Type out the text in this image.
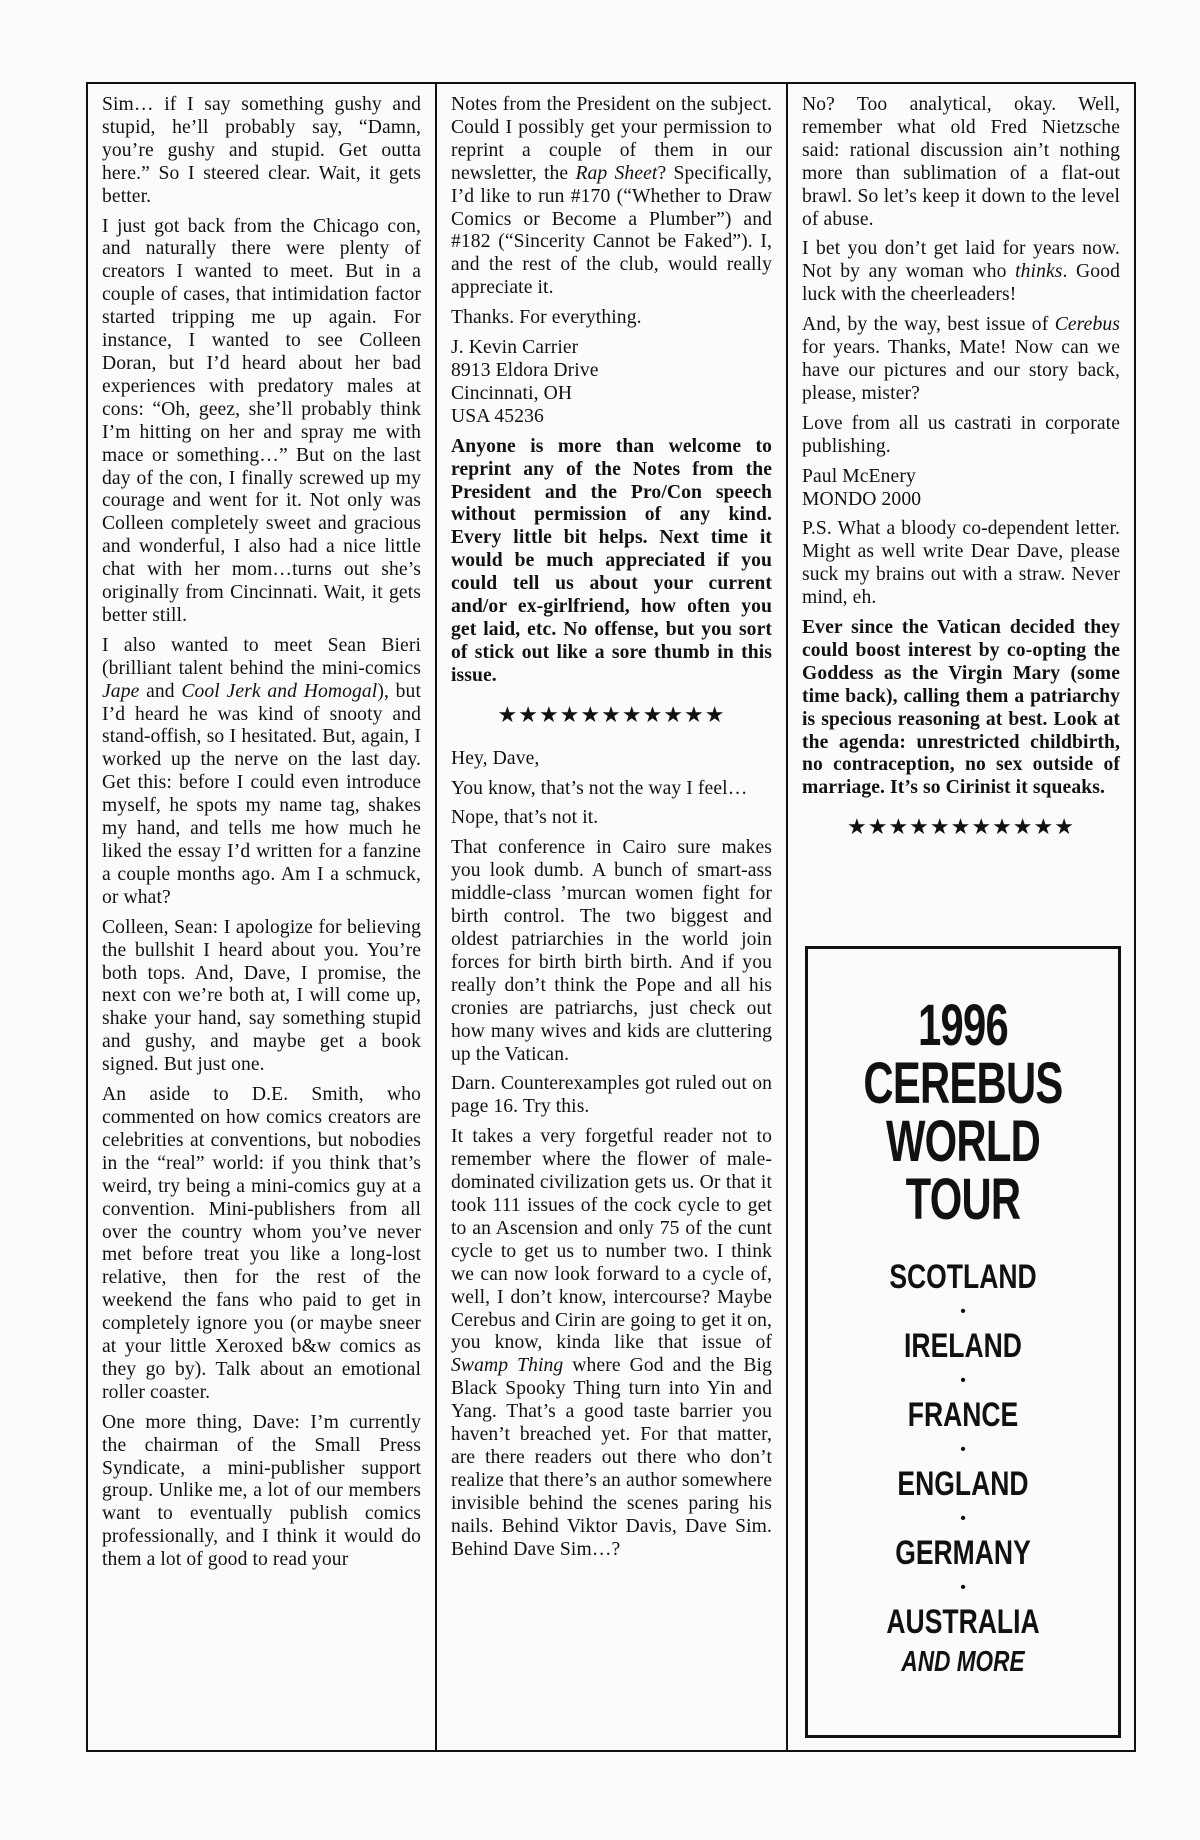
Sim… if I say something gushy and stupid, he’ll probably say, “Damn, you’re gushy and stupid. Get outta here.” So I steered clear. Wait, it gets better.
I just got back from the Chicago con, and naturally there were plenty of creators I wanted to meet. But in a couple of cases, that intimidation factor started tripping me up again. For instance, I wanted to see Colleen Doran, but I’d heard about her bad experiences with predatory males at cons: “Oh, geez, she’ll probably think I’m hitting on her and spray me with mace or something…” But on the last day of the con, I finally screwed up my courage and went for it. Not only was Colleen completely sweet and gracious and wonderful, I also had a nice little chat with her mom…turns out she’s originally from Cincinnati. Wait, it gets better still.
I also wanted to meet Sean Bieri (brilliant talent behind the mini-comics Jape and Cool Jerk and Homogal), but I’d heard he was kind of snooty and stand-offish, so I hesitated. But, again, I worked up the nerve on the last day. Get this: before I could even introduce myself, he spots my name tag, shakes my hand, and tells me how much he liked the essay I’d written for a fanzine a couple months ago. Am I a schmuck, or what?
Colleen, Sean: I apologize for believing the bullshit I heard about you. You’re both tops. And, Dave, I promise, the next con we’re both at, I will come up, shake your hand, say something stupid and gushy, and maybe get a book signed. But just one.
An aside to D.E. Smith, who commented on how comics creators are celebrities at conventions, but nobodies in the “real” world: if you think that’s weird, try being a mini-comics guy at a convention. Mini-publishers from all over the country whom you’ve never met before treat you like a long-lost relative, then for the rest of the weekend the fans who paid to get in completely ignore you (or maybe sneer at your little Xeroxed b&w comics as they go by). Talk about an emotional roller coaster.
One more thing, Dave: I’m currently the chairman of the Small Press Syndicate, a mini-publisher support group. Unlike me, a lot of our members want to eventually publish comics professionally, and I think it would do them a lot of good to read your
Notes from the President on the subject. Could I possibly get your permission to reprint a couple of them in our newsletter, the Rap Sheet? Specifically, I’d like to run #170 (“Whether to Draw Comics or Become a Plumber”) and #182 (“Sincerity Cannot be Faked”). I, and the rest of the club, would really appreciate it.
Thanks. For everything.
J. Kevin Carrier
8913 Eldora Drive
Cincinnati, OH
USA 45236
Anyone is more than welcome to reprint any of the Notes from the President and the Pro/Con speech without permission of any kind. Every little bit helps. Next time it would be much appreciated if you could tell us about your current and/or ex-girlfriend, how often you get laid, etc. No offense, but you sort of stick out like a sore thumb in this issue.
★★★★★★★★★★★
Hey, Dave,
You know, that’s not the way I feel…
Nope, that’s not it.
That conference in Cairo sure makes you look dumb. A bunch of smart-ass middle-class ’murcan women fight for birth control. The two biggest and oldest patriarchies in the world join forces for birth birth birth. And if you really don’t think the Pope and all his cronies are patriarchs, just check out how many wives and kids are cluttering up the Vatican.
Darn. Counterexamples got ruled out on page 16. Try this.
It takes a very forgetful reader not to remember where the flower of male-dominated civilization gets us. Or that it took 111 issues of the cock cycle to get to an Ascension and only 75 of the cunt cycle to get us to number two. I think we can now look forward to a cycle of, well, I don’t know, intercourse? Maybe Cerebus and Cirin are going to get it on, you know, kinda like that issue of Swamp Thing where God and the Big Black Spooky Thing turn into Yin and Yang. That’s a good taste barrier you haven’t breached yet. For that matter, are there readers out there who don’t realize that there’s an author somewhere invisible behind the scenes paring his nails. Behind Viktor Davis, Dave Sim. Behind Dave Sim…?
No? Too analytical, okay. Well, remember what old Fred Nietzsche said: rational discussion ain’t nothing more than sublimation of a flat-out brawl. So let’s keep it down to the level of abuse.
I bet you don’t get laid for years now. Not by any woman who thinks. Good luck with the cheerleaders!
And, by the way, best issue of Cerebus for years. Thanks, Mate! Now can we have our pictures and our story back, please, mister?
Love from all us castrati in corporate publishing.
Paul McEnery
MONDO 2000
P.S. What a bloody co-dependent letter. Might as well write Dear Dave, please suck my brains out with a straw. Never mind, eh.
Ever since the Vatican decided they could boost interest by co-opting the Goddess as the Virgin Mary (some time back), calling them a patriarchy is specious reasoning at best. Look at the agenda: unrestricted childbirth, no contraception, no sex outside of marriage. It’s so Cirinist it squeaks.
★★★★★★★★★★★
1996
CEREBUS
WORLD
TOUR
SCOTLAND
•
IRELAND
•
FRANCE
•
ENGLAND
•
GERMANY
•
AUSTRALIA
AND MORE
